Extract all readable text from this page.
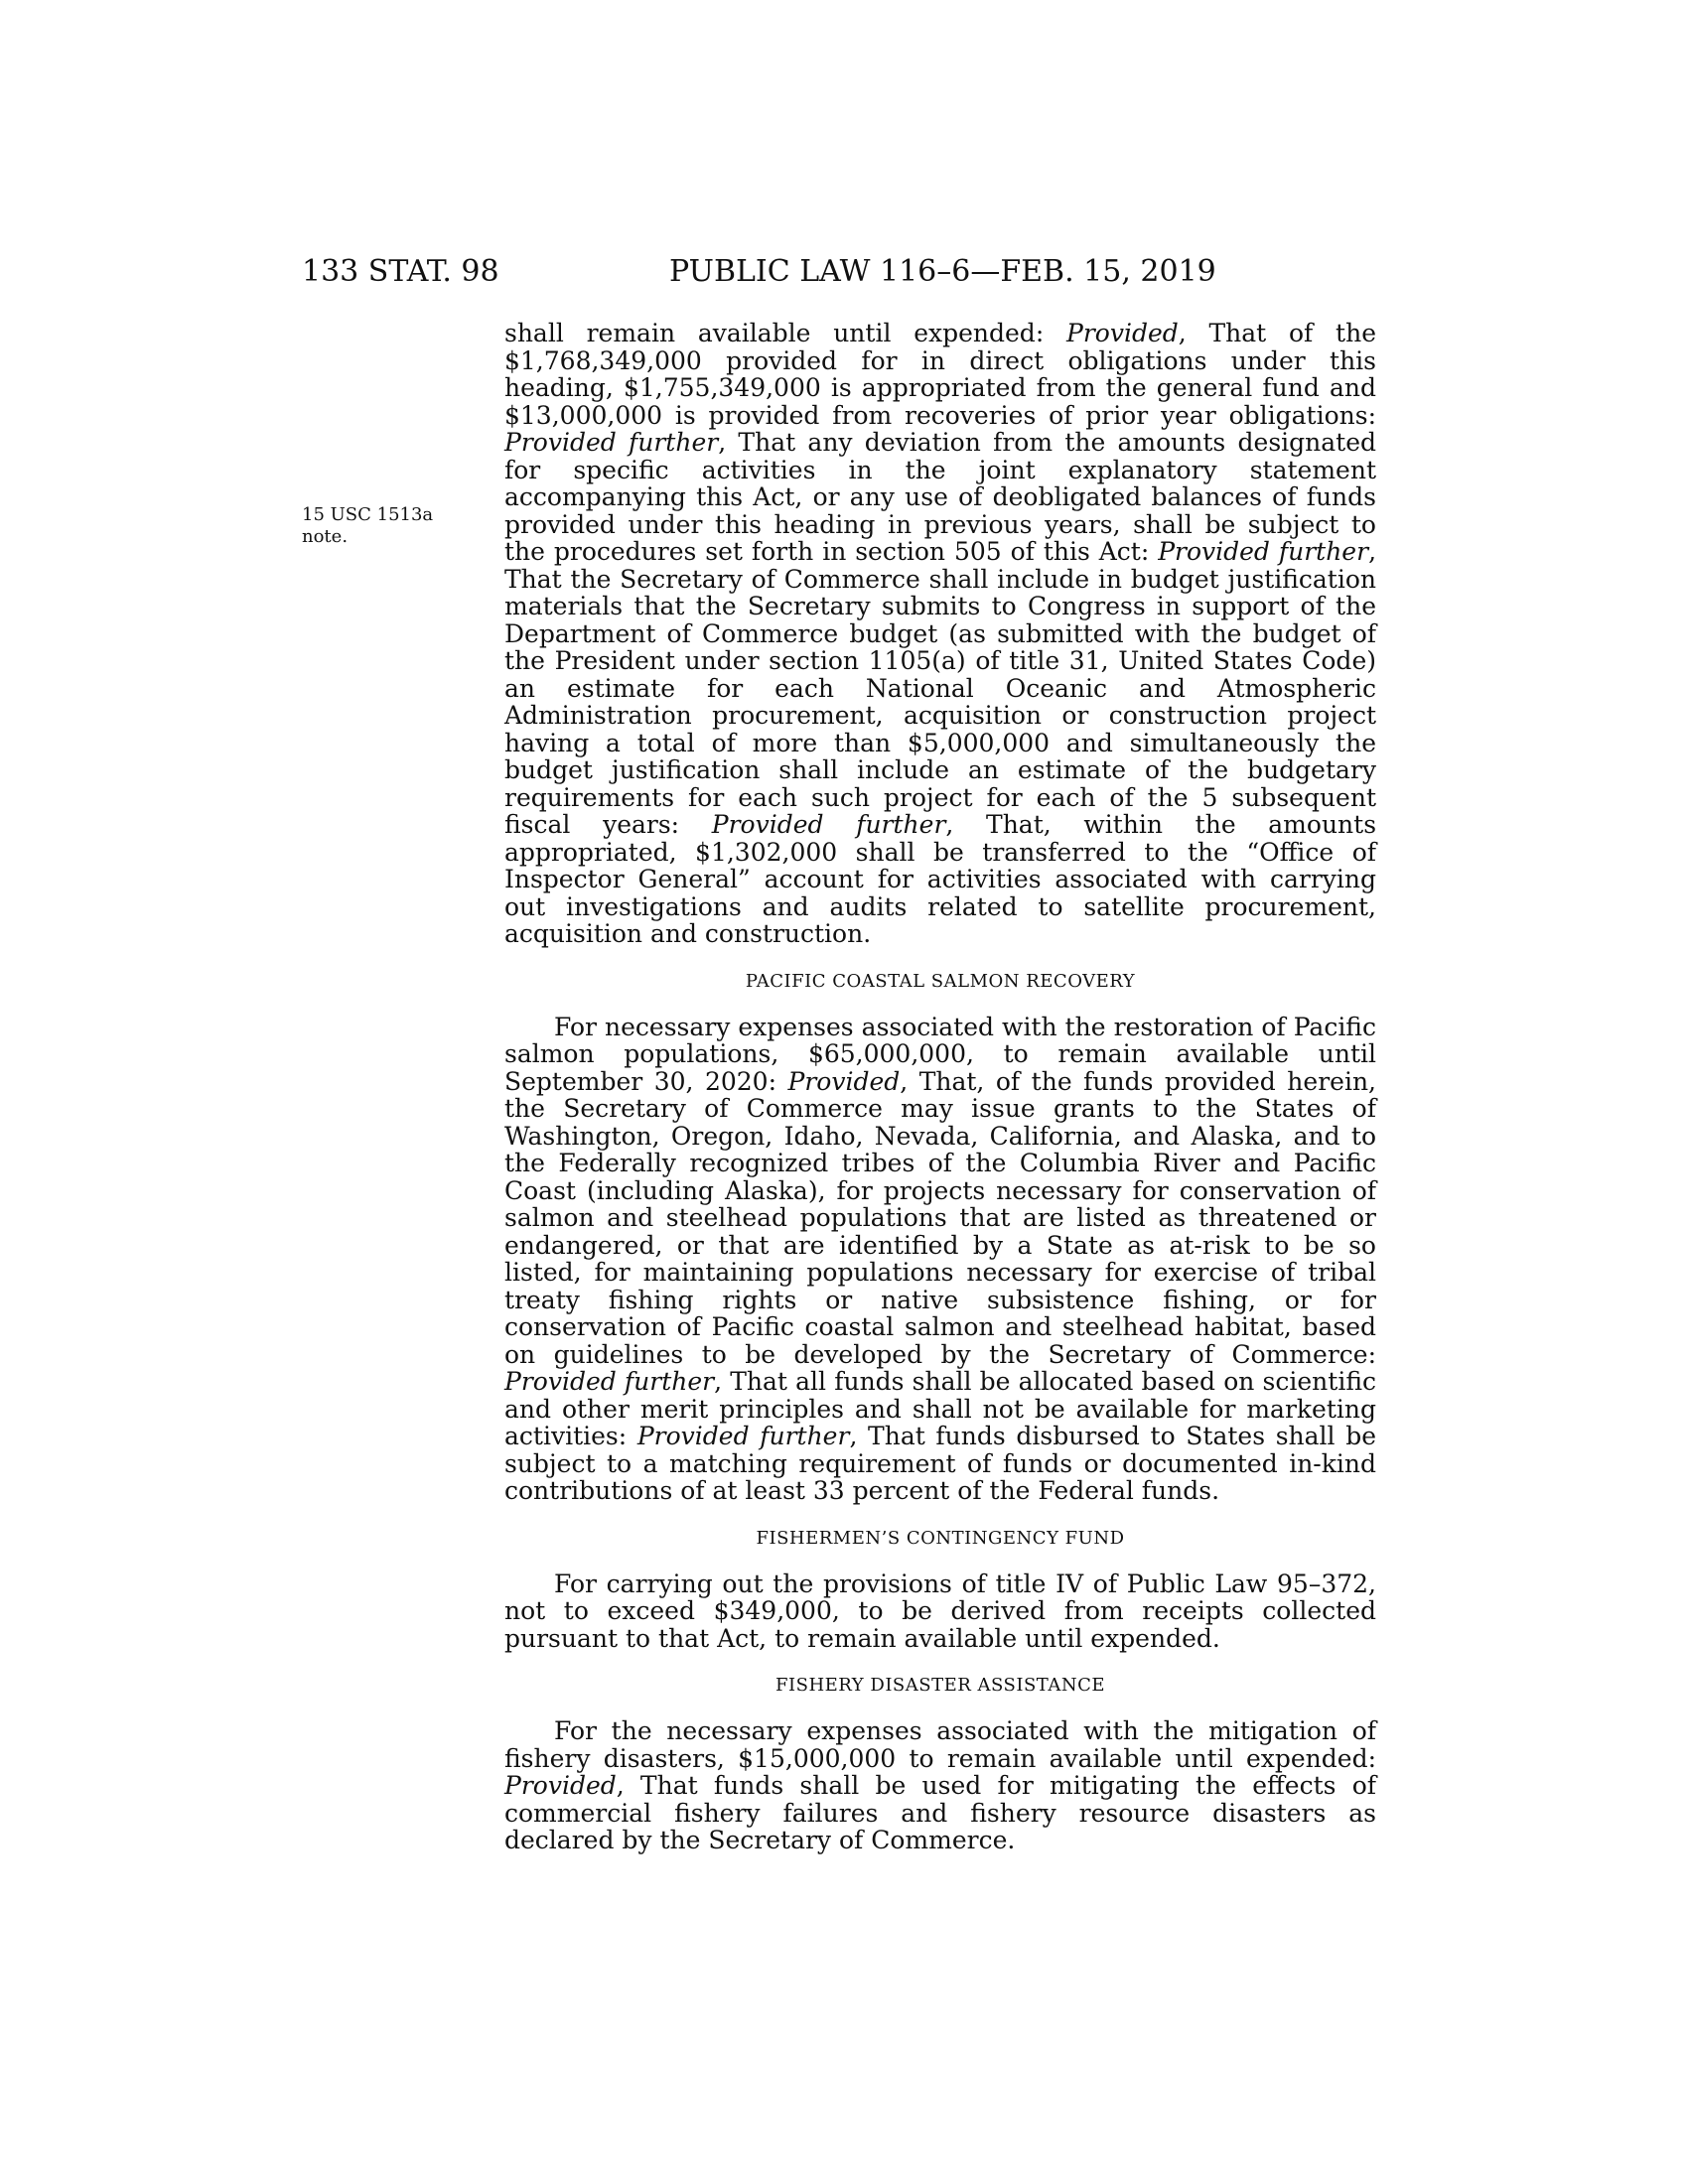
133 STAT. 98	PUBLIC LAW 116–6—FEB. 15, 2019
15 USC 1513a
note.

shall remain available until expended: Provided, That of the $1,768,349,000 provided for in direct obligations under this heading, $1,755,349,000 is appropriated from the general fund and $13,000,000 is provided from recoveries of prior year obligations: Provided further, That any deviation from the amounts designated for specific activities in the joint explanatory statement accompanying this Act, or any use of deobligated balances of funds provided under this heading in previous years, shall be subject to the procedures set forth in section 505 of this Act: Provided further, That the Secretary of Commerce shall include in budget justification materials that the Secretary submits to Congress in support of the Department of Commerce budget (as submitted with the budget of the President under section 1105(a) of title 31, United States Code) an estimate for each National Oceanic and Atmospheric Administration procurement, acquisition or construction project having a total of more than $5,000,000 and simultaneously the budget justification shall include an estimate of the budgetary requirements for each such project for each of the 5 subsequent fiscal years: Provided further, That, within the amounts appropriated, $1,302,000 shall be transferred to the “Office of Inspector General” account for activities associated with carrying out investigations and audits related to satellite procurement, acquisition and construction.

PACIFIC COASTAL SALMON RECOVERY

For necessary expenses associated with the restoration of Pacific salmon populations, $65,000,000, to remain available until September 30, 2020: Provided, That, of the funds provided herein, the Secretary of Commerce may issue grants to the States of Washington, Oregon, Idaho, Nevada, California, and Alaska, and to the Federally recognized tribes of the Columbia River and Pacific Coast (including Alaska), for projects necessary for conservation of salmon and steelhead populations that are listed as threatened or endangered, or that are identified by a State as at-risk to be so listed, for maintaining populations necessary for exercise of tribal treaty fishing rights or native subsistence fishing, or for conservation of Pacific coastal salmon and steelhead habitat, based on guidelines to be developed by the Secretary of Commerce: Provided further, That all funds shall be allocated based on scientific and other merit principles and shall not be available for marketing activities: Provided further, That funds disbursed to States shall be subject to a matching requirement of funds or documented in-kind contributions of at least 33 percent of the Federal funds.

FISHERMEN’S CONTINGENCY FUND

For carrying out the provisions of title IV of Public Law 95–372, not to exceed $349,000, to be derived from receipts collected pursuant to that Act, to remain available until expended.

FISHERY DISASTER ASSISTANCE

For the necessary expenses associated with the mitigation of fishery disasters, $15,000,000 to remain available until expended: Provided, That funds shall be used for mitigating the effects of commercial fishery failures and fishery resource disasters as declared by the Secretary of Commerce.
